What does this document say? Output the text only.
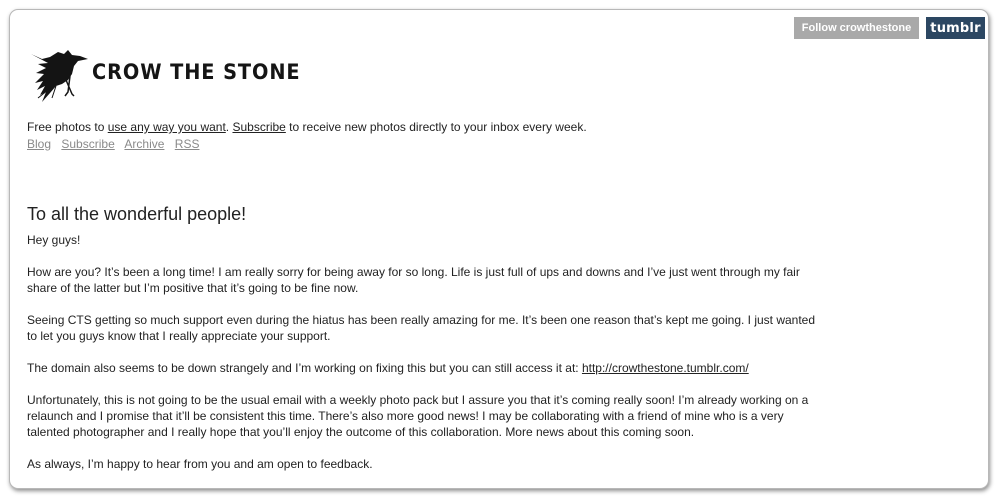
Follow crowthestone	tumblr
CROW THE STONE
Free photos to use any way you want. Subscribe to receive new photos directly to your inbox every week.
Blog Subscribe Archive RSS
To all the wonderful people!

Hey guys!

How are you? It’s been a long time! I am really sorry for being away for so long. Life is just full of ups and downs and I’ve just went through my fair share of the latter but I’m positive that it’s going to be fine now.

Seeing CTS getting so much support even during the hiatus has been really amazing for me. It’s been one reason that’s kept me going. I just wanted to let you guys know that I really appreciate your support.

The domain also seems to be down strangely and I’m working on fixing this but you can still access it at: http://crowthestone.tumblr.com/

Unfortunately, this is not going to be the usual email with a weekly photo pack but I assure you that it’s coming really soon! I’m already working on a relaunch and I promise that it’ll be consistent this time. There’s also more good news! I may be collaborating with a friend of mine who is a very talented photographer and I really hope that you’ll enjoy the outcome of this collaboration. More news about this coming soon.

As always, I’m happy to hear from you and am open to feedback.
